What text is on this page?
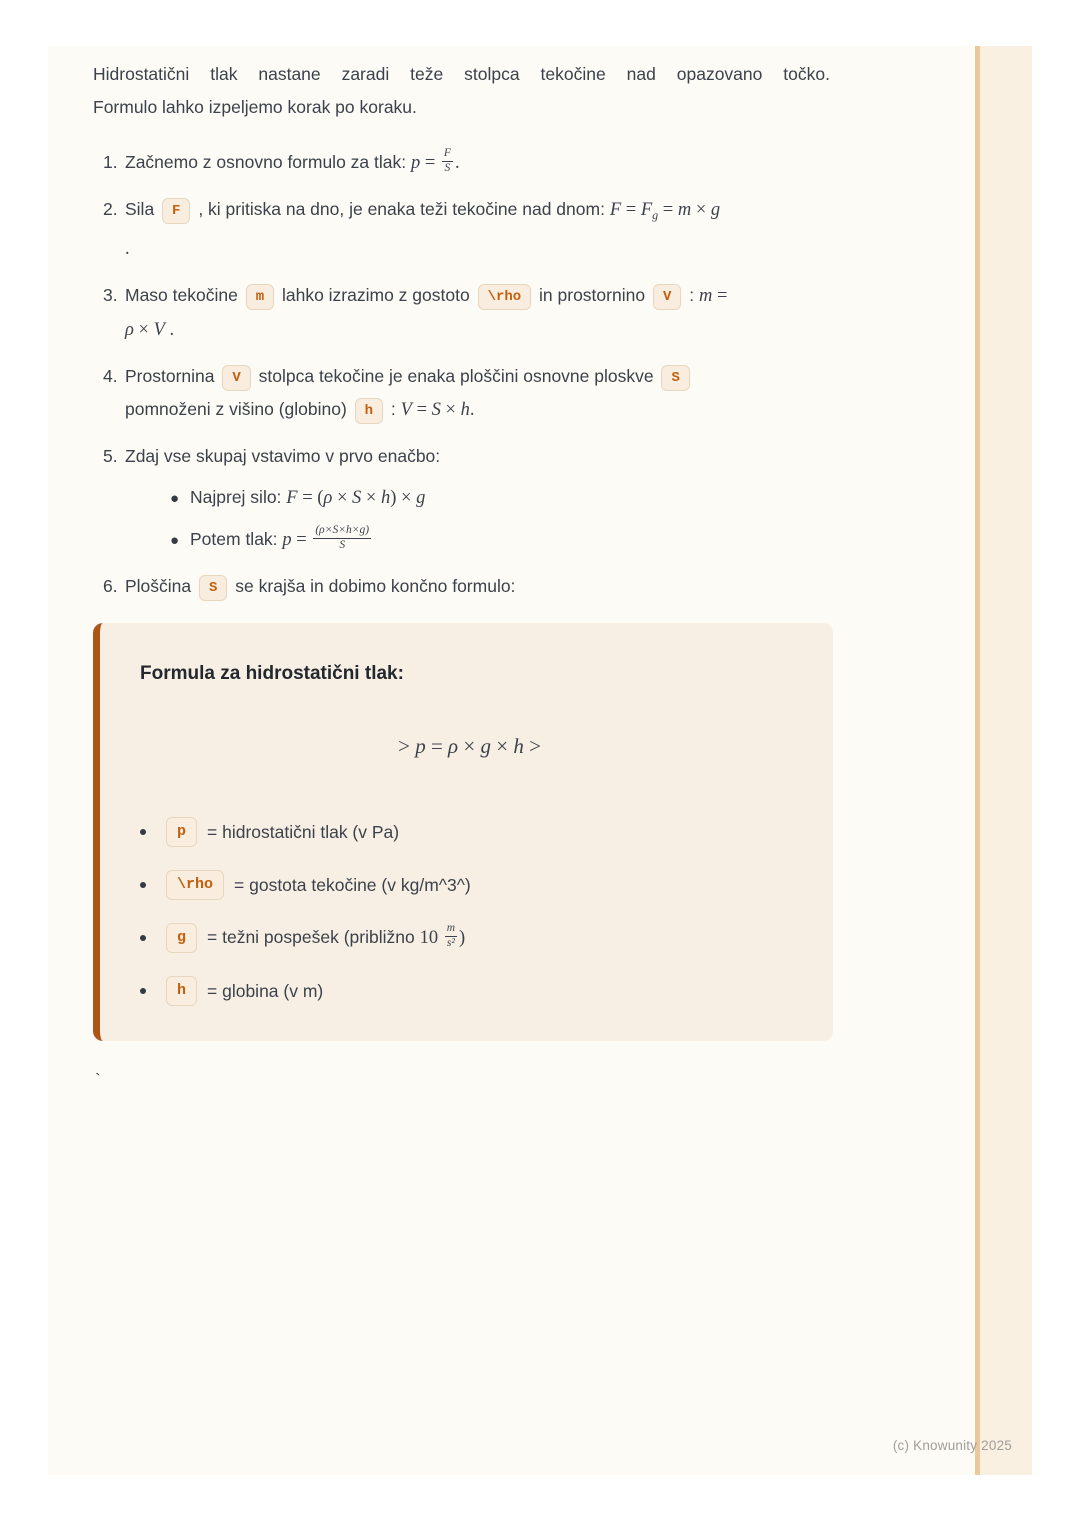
Hidrostatični tlak nastane zaradi teže stolpca tekočine nad opazovano točko.
Formulo lahko izpeljemo korak po koraku.

1. Začnemo z osnovno formulo za tlak: $p = \frac{F}{S}$ .
2. Sila F , ki pritiska na dno, je enaka teži tekočine nad dnom: $F = F_g = m \times g$
.
3. Maso tekočine m lahko izrazimo z gostoto \rho in prostornino V : m =
ρ × V .
4. Prostornina V stolpca tekočine je enaka ploščini osnovne ploskve S
pomnoženi z višino (globino) h : V = S × h.
5. Zdaj vse skupaj vstavimo v prvo enačbo:
● Najprej silo: F = (ρ × S × h) × g
● Potem tlak: $p = \frac{(\rho\times S\times h\times g)}{S}$
6. Ploščina S se krajša in dobimo končno formulo:

Formula za hidrostatični tlak:

> p = ρ × g × h >
p	= hidrostatični tlak (v Pa)
\rho	= gostota tekočine (v kg/m^3^)
g	= težni pospešek (približno $10 \frac{m}{\text{s²}}$ )
h	= globina (v m)
`
(c) Knowunity 2025
